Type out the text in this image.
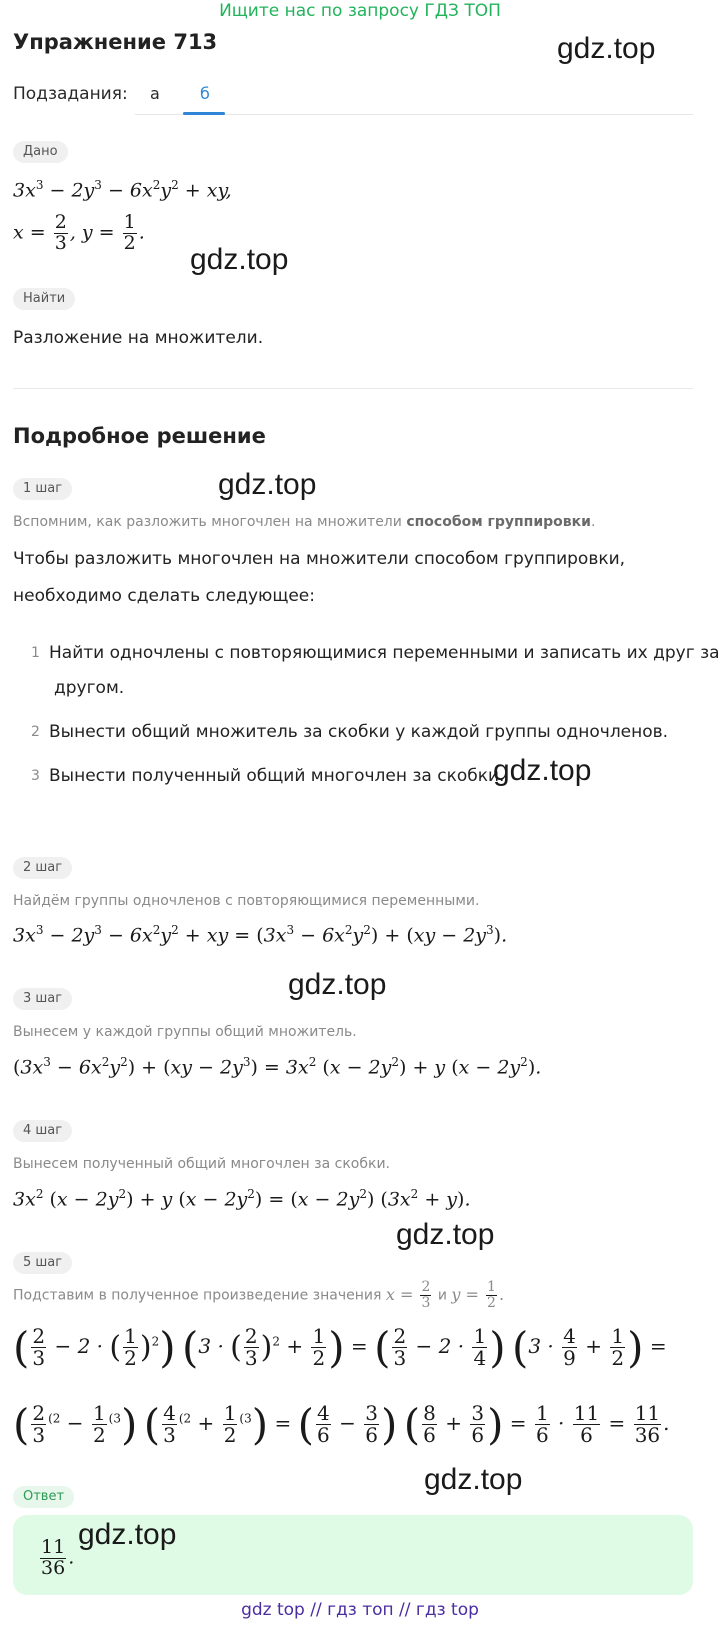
Ищите нас по запросу ГДЗ ТОП
Упражнение 713	gdz.top
Подзадания: а	б
Дано
$3x^3 - 2y^3 - 6x^2y^2$ + xy,
$x = \frac{2}{3}$ , $y = \frac{1}{2}$ .
gdz.top
Найти
Разложение на множители.
Подробное решение
1 шаг	gdz.top
Вспомним, как разложить многочлен на множители способом группировки.
Чтобы разложить многочлен на множители способом группировки,
необходимо сделать следующее:
1 Найти одночлены с повторяющимися переменными и записать их друг за
другом.
2 Вынести общий множитель за скобки у каждой группы одночленов.
3 Вынести полученный общий многочлен за скобки.
gdz.top
2 шаг
Найдём группы одночленов с повторяющимися переменными.
$3x^3 - 2y^3 - 6x^2y^2$ + xy = $(3x^3 - 6x^2y^2) + (xy - 2y^3)$.
gdz.top
3 шаг
Вынесем у каждой группы общий множитель.
$(3x^3 - 6x^2y^2) + (xy - 2y^3) = 3x^2$ $(x - 2y^2) + y$ $(x - 2y^2)$.
4 шаг
Вынесем полученный общий многочлен за скобки.
$3x^2$ $(x - 2y^2) + y$ $(x - 2y^2) = (x - 2y^2)$ $(3x^2 + y)$.
gdz.top
5 шаг
Подставим в полученное произведение значения $x = \frac{2}{3}$ и $y = \frac{1}{2}$ .
( $\frac{2}{3} - 2$ · ( $\frac{1}{2} )^2$) (3 · ( $\frac{2}{3} )^2 + \frac{1}{2}$ ) = ( $\frac{2}{3} - 2 \cdot \frac{1}{4}$ ) ($3 \cdot \frac{4}{9} + \frac{1}{2}$ ) =
( $\frac{2}{3} ^{(2} - \frac{1}{2} ^{(3}$) ( $\frac{4}{3} ^{(2} + \frac{1}{2} ^{(3}$) = ( $\frac{4}{6} - \frac{3}{6}$ ) ( $\frac{8}{6} + \frac{3}{6}$ ) = $\frac{1}{6} \cdot \frac{11}{6} = \frac{11}{36}$ .
gdz.top
Ответ
$\frac{11}{36}$ .
gdz.top
gdz top // гдз топ // гдз top
